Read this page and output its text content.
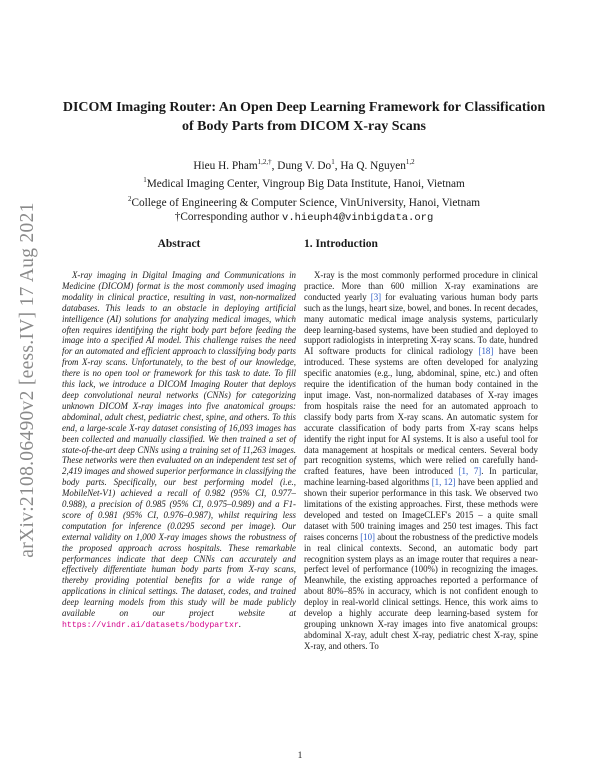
arXiv:2108.06490v2 [eess.IV] 17 Aug 2021
DICOM Imaging Router: An Open Deep Learning Framework for Classification
of Body Parts from DICOM X-ray Scans
Hieu H. Pham$^{1,2,\dagger}$, Dung V. Do$^1$, Ha Q. Nguyen$^{1,2}$
$^1$Medical Imaging Center, Vingroup Big Data Institute, Hanoi, Vietnam
$^2$College of Engineering & Computer Science, VinUniversity, Hanoi, Vietnam
†Corresponding author v.hieuph4@vinbigdata.org
Abstract

X-ray imaging in Digital Imaging and Communications in Medicine (DICOM) format is the most commonly used imaging modality in clinical practice, resulting in vast, non-normalized databases. This leads to an obstacle in deploying artificial intelligence (AI) solutions for analyzing medical images, which often requires identifying the right body part before feeding the image into a specified AI model. This challenge raises the need for an automated and efficient approach to classifying body parts from X-ray scans. Unfortunately, to the best of our knowledge, there is no open tool or framework for this task to date. To fill this lack, we introduce a DICOM Imaging Router that deploys deep convolutional neural networks (CNNs) for categorizing unknown DICOM X-ray images into five anatomical groups: abdominal, adult chest, pediatric chest, spine, and others. To this end, a large-scale X-ray dataset consisting of 16,093 images has been collected and manually classified. We then trained a set of state-of-the-art deep CNNs using a training set of 11,263 images. These networks were then evaluated on an independent test set of 2,419 images and showed superior performance in classifying the body parts. Specifically, our best performing model (i.e., MobileNet-V1) achieved a recall of 0.982 (95% CI, 0.977–0.988), a precision of 0.985 (95% CI, 0.975–0.989) and a F1-score of 0.981 (95% CI, 0.976–0.987), whilst requiring less computation for inference (0.0295 second per image). Our external validity on 1,000 X-ray images shows the robustness of the proposed approach across hospitals. These remarkable performances indicate that deep CNNs can accurately and effectively differentiate human body parts from X-ray scans, thereby providing potential benefits for a wide range of applications in clinical settings. The dataset, codes, and trained deep learning models from this study will be made publicly available on our project website at https://vindr.ai/datasets/bodypartxr.

1. Introduction

X-ray is the most commonly performed procedure in clinical practice. More than 600 million X-ray examinations are conducted yearly [3] for evaluating various human body parts such as the lungs, heart size, bowel, and bones. In recent decades, many automatic medical image analysis systems, particularly deep learning-based systems, have been studied and deployed to support radiologists in interpreting X-ray scans. To date, hundred AI software products for clinical radiology [18] have been introduced. These systems are often developed for analyzing specific anatomies (e.g., lung, abdominal, spine, etc.) and often require the identification of the human body contained in the input image. Vast, non-normalized databases of X-ray images from hospitals raise the need for an automated approach to classify body parts from X-ray scans. An automatic system for accurate classification of body parts from X-ray scans helps identify the right input for AI systems. It is also a useful tool for data management at hospitals or medical centers. Several body part recognition systems, which were relied on carefully hand-crafted features, have been introduced [1, 7]. In particular, machine learning-based algorithms [1, 12] have been applied and shown their superior performance in this task. We observed two limitations of the existing approaches. First, these methods were developed and tested on ImageCLEF's 2015 – a quite small dataset with 500 training images and 250 test images. This fact raises concerns [10] about the robustness of the predictive models in real clinical contexts. Second, an automatic body part recognition system plays as an image router that requires a near-perfect level of performance (100%) in recognizing the images. Meanwhile, the existing approaches reported a performance of about 80%–85% in accuracy, which is not confident enough to deploy in real-world clinical settings. Hence, this work aims to develop a highly accurate deep learning-based system for grouping unknown X-ray images into five anatomical groups: abdominal X-ray, adult chest X-ray, pediatric chest X-ray, spine X-ray, and others. To

1
